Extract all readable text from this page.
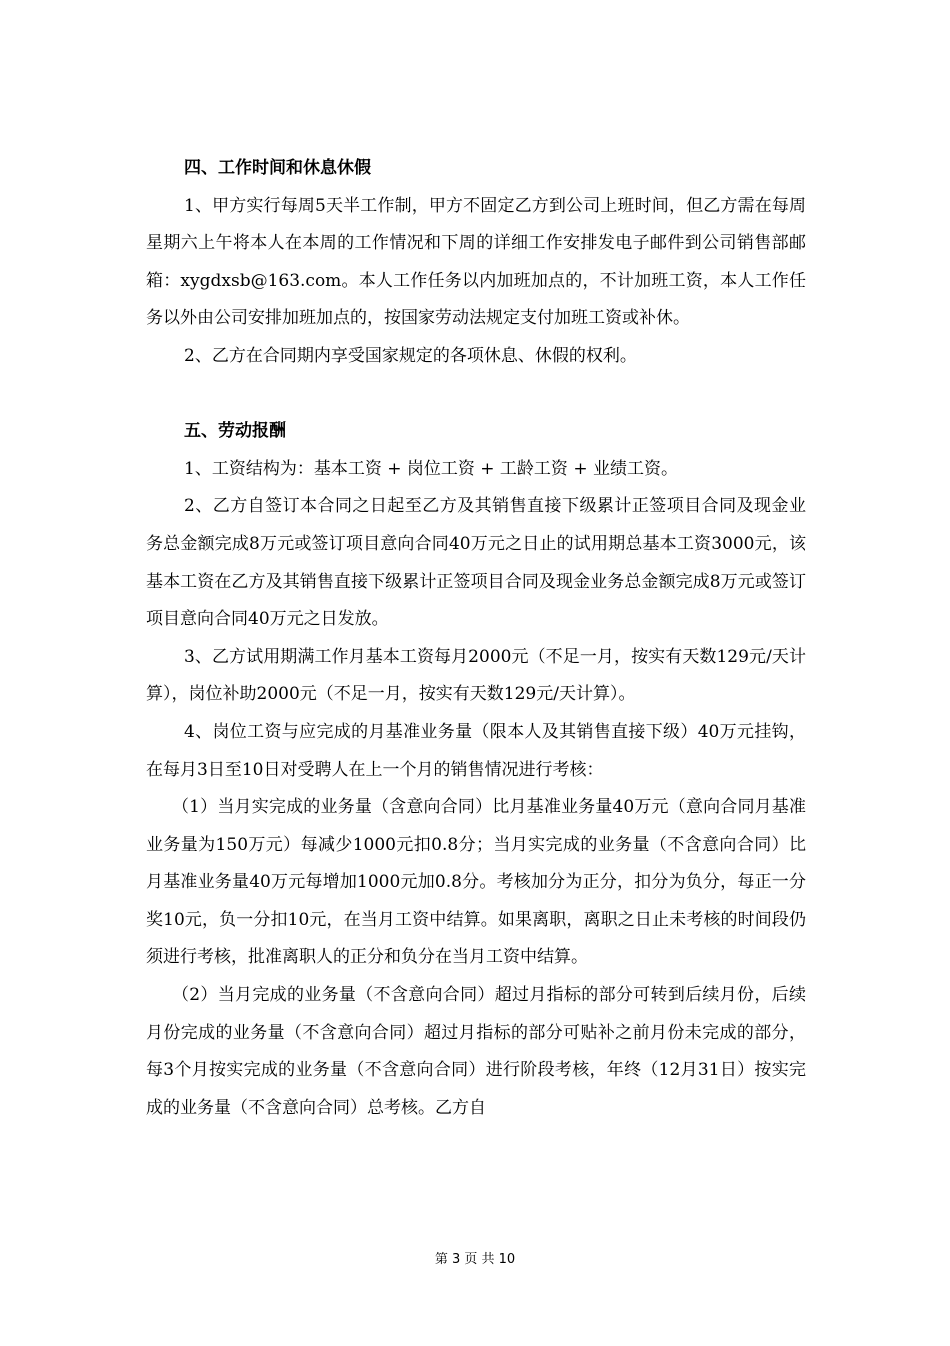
四、工作时间和休息休假

1、甲方实行每周5天半工作制，甲方不固定乙方到公司上班时间，但乙方需在每周星期六上午将本人在本周的工作情况和下周的详细工作安排发电子邮件到公司销售部邮箱：xygdxsb@163.com。本人工作任务以内加班加点的，不计加班工资，本人工作任务以外由公司安排加班加点的，按国家劳动法规定支付加班工资或补休。

2、乙方在合同期内享受国家规定的各项休息、休假的权利。

五、劳动报酬

1、工资结构为：基本工资 + 岗位工资 + 工龄工资 + 业绩工资。

2、乙方自签订本合同之日起至乙方及其销售直接下级累计正签项目合同及现金业务总金额完成8万元或签订项目意向合同40万元之日止的试用期总基本工资3000元，该基本工资在乙方及其销售直接下级累计正签项目合同及现金业务总金额完成8万元或签订项目意向合同40万元之日发放。

3、乙方试用期满工作月基本工资每月2000元（不足一月，按实有天数129元/天计算），岗位补助2000元（不足一月，按实有天数129元/天计算）。

4、岗位工资与应完成的月基准业务量（限本人及其销售直接下级）40万元挂钩，在每月3日至10日对受聘人在上一个月的销售情况进行考核：

（1）当月实完成的业务量（含意向合同）比月基准业务量40万元（意向合同月基准业务量为150万元）每减少1000元扣0.8分；当月实完成的业务量（不含意向合同）比月基准业务量40万元每增加1000元加0.8分。考核加分为正分，扣分为负分，每正一分奖10元，负一分扣10元，在当月工资中结算。如果离职，离职之日止未考核的时间段仍须进行考核，批准离职人的正分和负分在当月工资中结算。

（2）当月完成的业务量（不含意向合同）超过月指标的部分可转到后续月份，后续月份完成的业务量（不含意向合同）超过月指标的部分可贴补之前月份未完成的部分，每3个月按实完成的业务量（不含意向合同）进行阶段考核，年终（12月31日）按实完成的业务量（不含意向合同）总考核。乙方自

第 3 页 共 10
